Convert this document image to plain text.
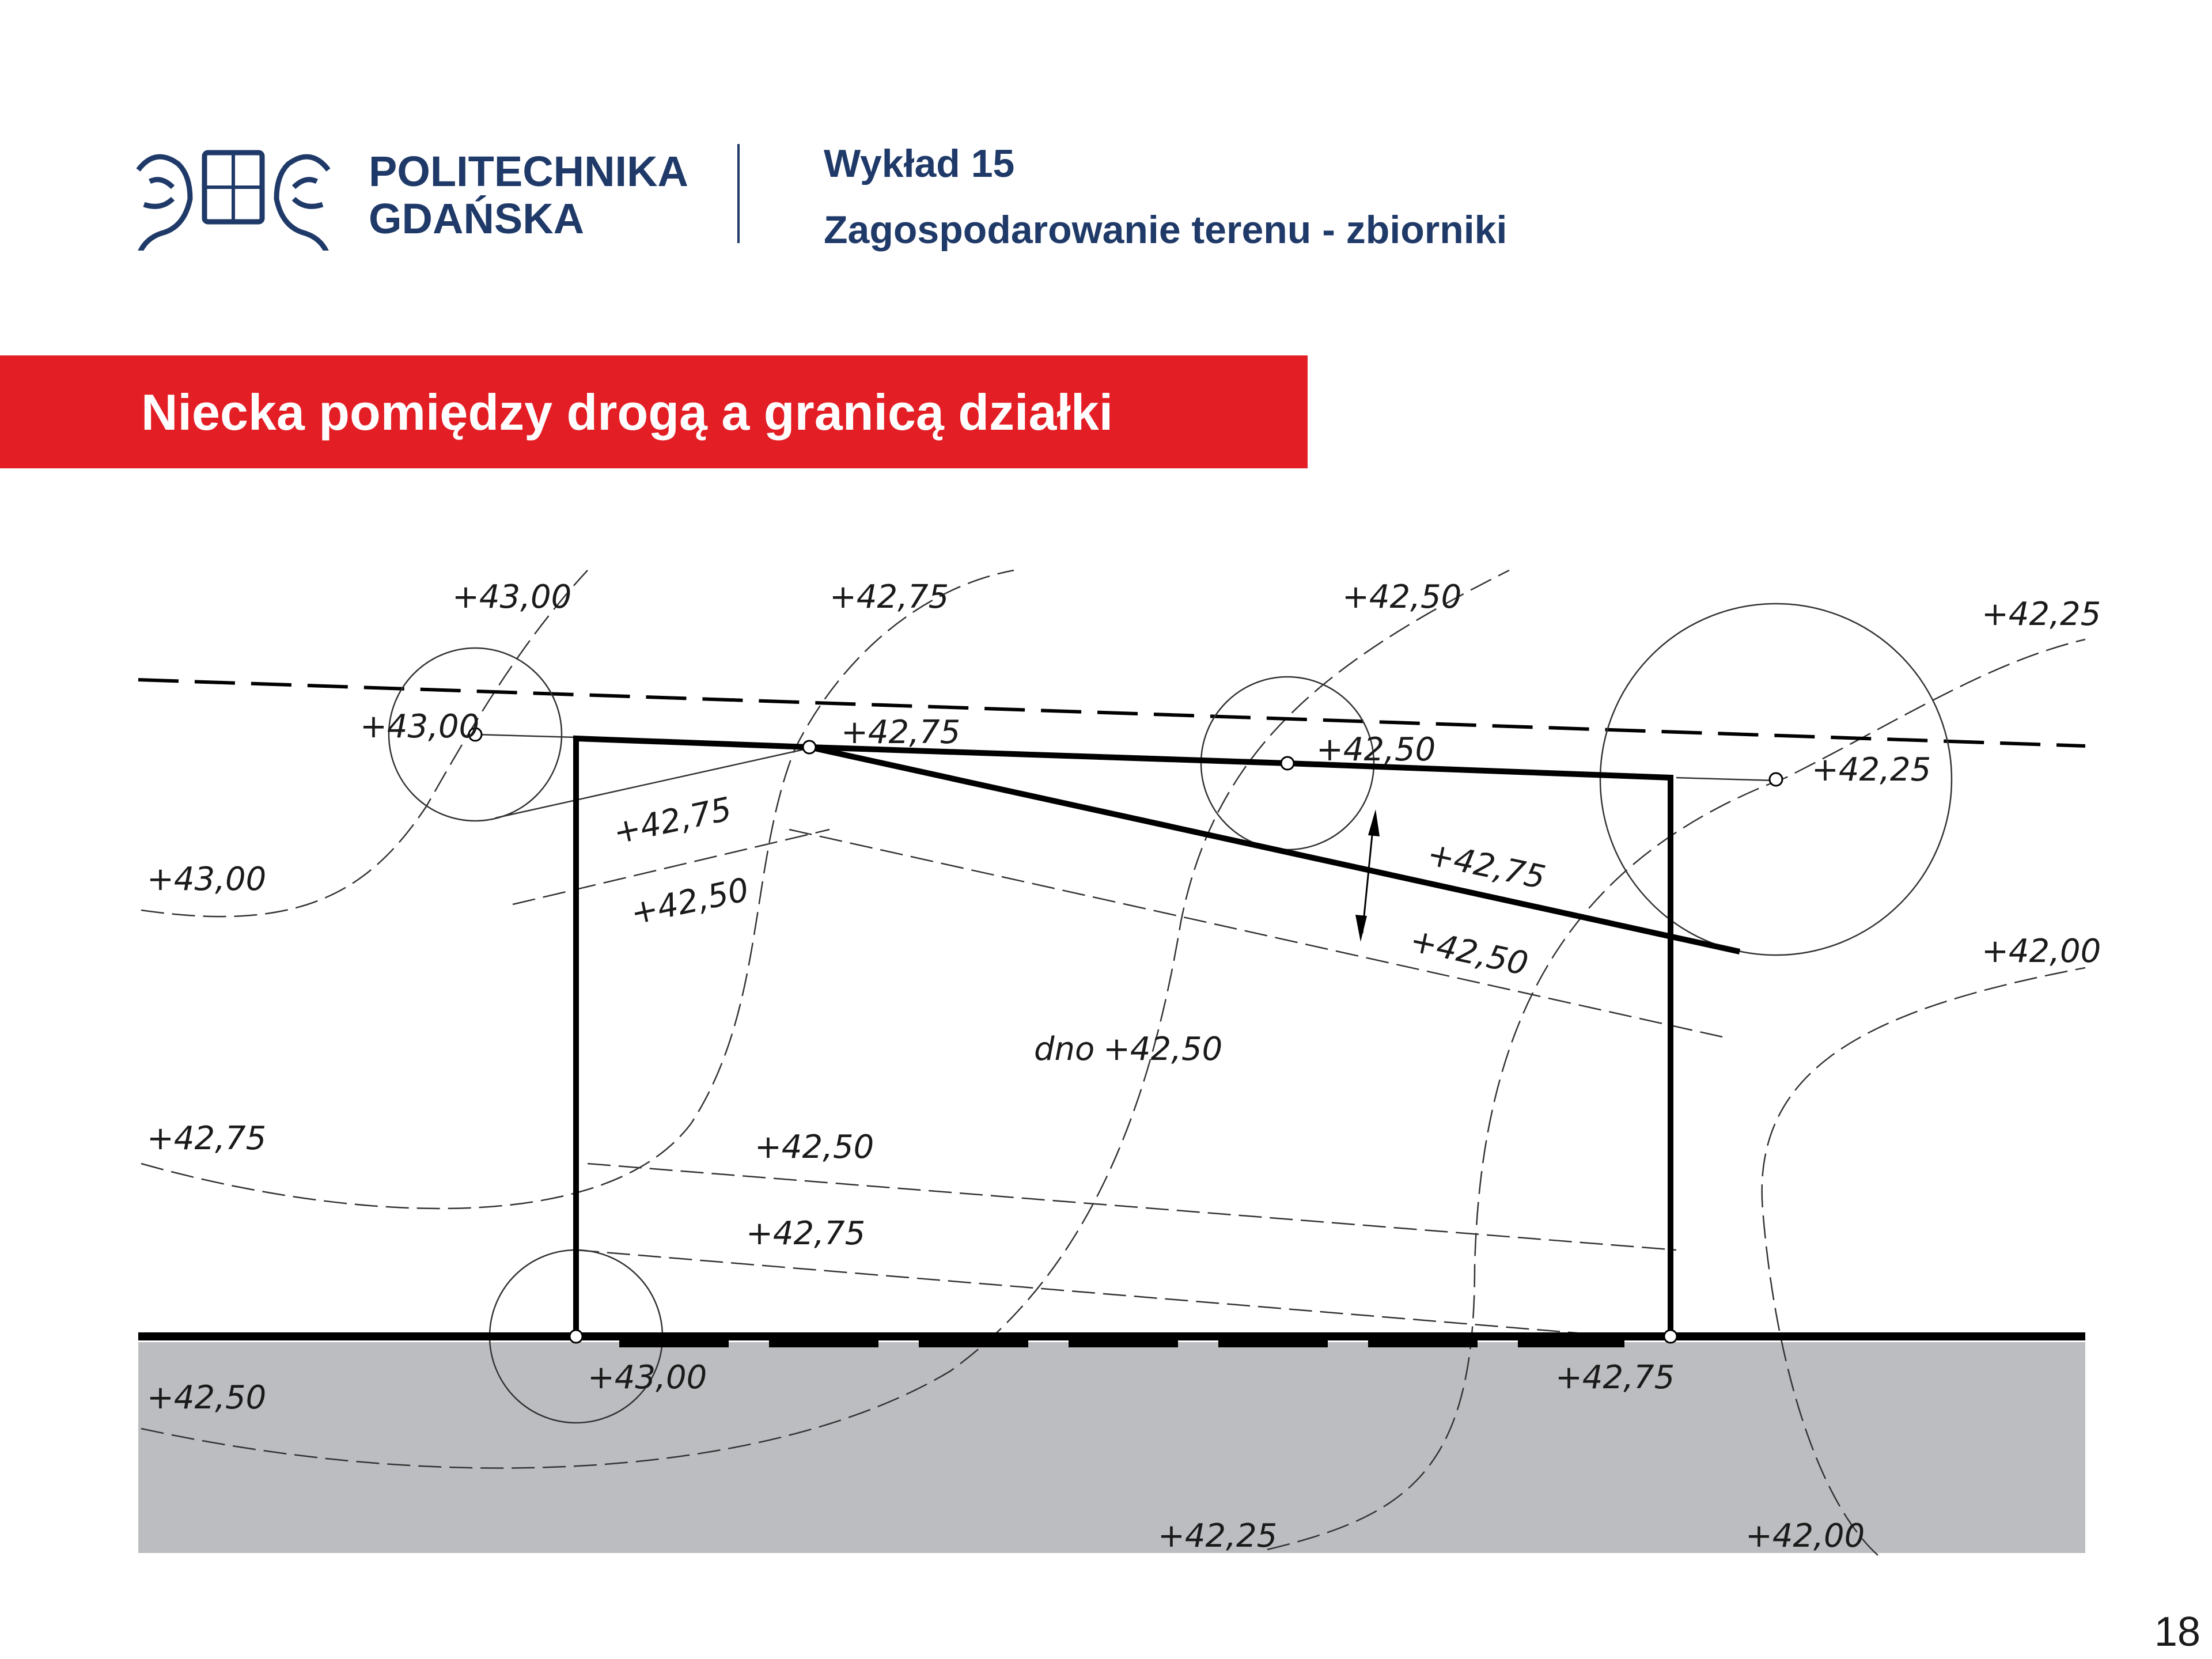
POLITECHNIKA
GDAŃSKA
Wykład 15
Zagospodarowanie terenu - zbiorniki
Niecka pomiędzy drogą a granicą działki
+43,00	+42,75	+42,50	+42,25
+42,00
+43,00
+42,75
+42,50
+42,25	+42,00
+43,00	+42,75	+42,50
+42,25
+42,75
+42,50
+42,75
+42,50
dno +42,50
+42,50
+42,75
+43,00	+42,75
18
